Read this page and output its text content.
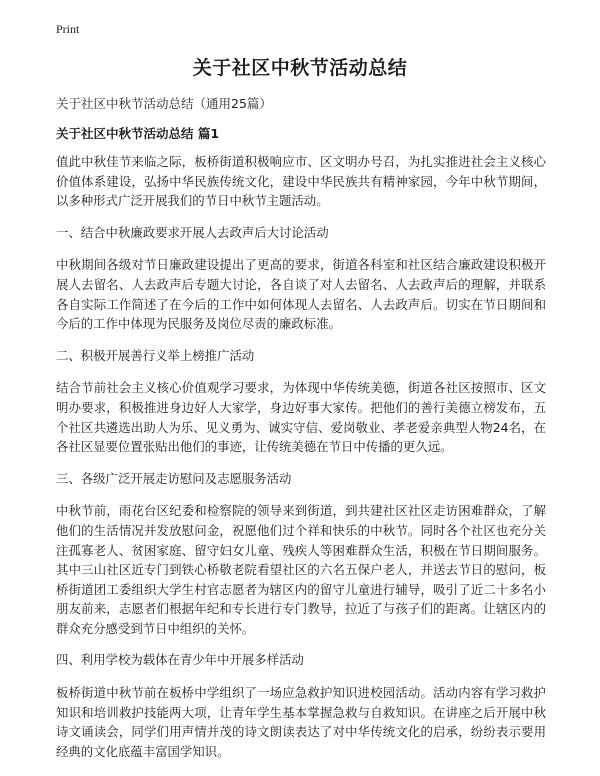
Print
关于社区中秋节活动总结
关于社区中秋节活动总结（通用25篇）
关于社区中秋节活动总结 篇1

值此中秋佳节来临之际，板桥街道积极响应市、区文明办号召，为扎实推进社会主义核心价值体系建设，弘扬中华民族传统文化，建设中华民族共有精神家园，今年中秋节期间，以多种形式广泛开展我们的节日中秋节主题活动。

一、结合中秋廉政要求开展人去政声后大讨论活动

中秋期间各级对节日廉政建设提出了更高的要求，街道各科室和社区结合廉政建设积极开展人去留名、人去政声后专题大讨论，各自谈了对人去留名、人去政声后的理解，并联系各自实际工作简述了在今后的工作中如何体现人去留名、人去政声后。切实在节日期间和今后的工作中体现为民服务及岗位尽责的廉政标准。

二、积极开展善行义举上榜推广活动

结合节前社会主义核心价值观学习要求，为体现中华传统美德，街道各社区按照市、区文明办要求，积极推进身边好人大家学，身边好事大家传。把他们的善行美德立榜发布，五个社区共遴选出助人为乐、见义勇为、诚实守信、爱岗敬业、孝老爱亲典型人物24名，在各社区显要位置张贴出他们的事迹，让传统美德在节日中传播的更久远。

三、各级广泛开展走访慰问及志愿服务活动

中秋节前，雨花台区纪委和检察院的领导来到街道，到共建社区社区走访困难群众，了解他们的生活情况并发放慰问金，祝愿他们过个祥和快乐的中秋节。同时各个社区也充分关注孤寡老人、贫困家庭、留守妇女儿童、残疾人等困难群众生活，积极在节日期间服务。其中三山社区近专门到铁心桥敬老院看望社区的六名五保户老人，并送去节日的慰问，板桥街道团工委组织大学生村官志愿者为辖区内的留守儿童进行辅导，吸引了近二十多名小朋友前来，志愿者们根据年纪和专长进行专门教导，拉近了与孩子们的距离。让辖区内的群众充分感受到节日中组织的关怀。

四、利用学校为载体在青少年中开展多样活动

板桥街道中秋节前在板桥中学组织了一场应急救护知识进校园活动。活动内容有学习救护知识和培训救护技能两大项，让青年学生基本掌握急救与自救知识。在讲座之后开展中秋诗文诵读会，同学们用声情并茂的诗文朗读表达了对中华传统文化的启承，纷纷表示要用经典的文化底蕴丰富国学知识。
